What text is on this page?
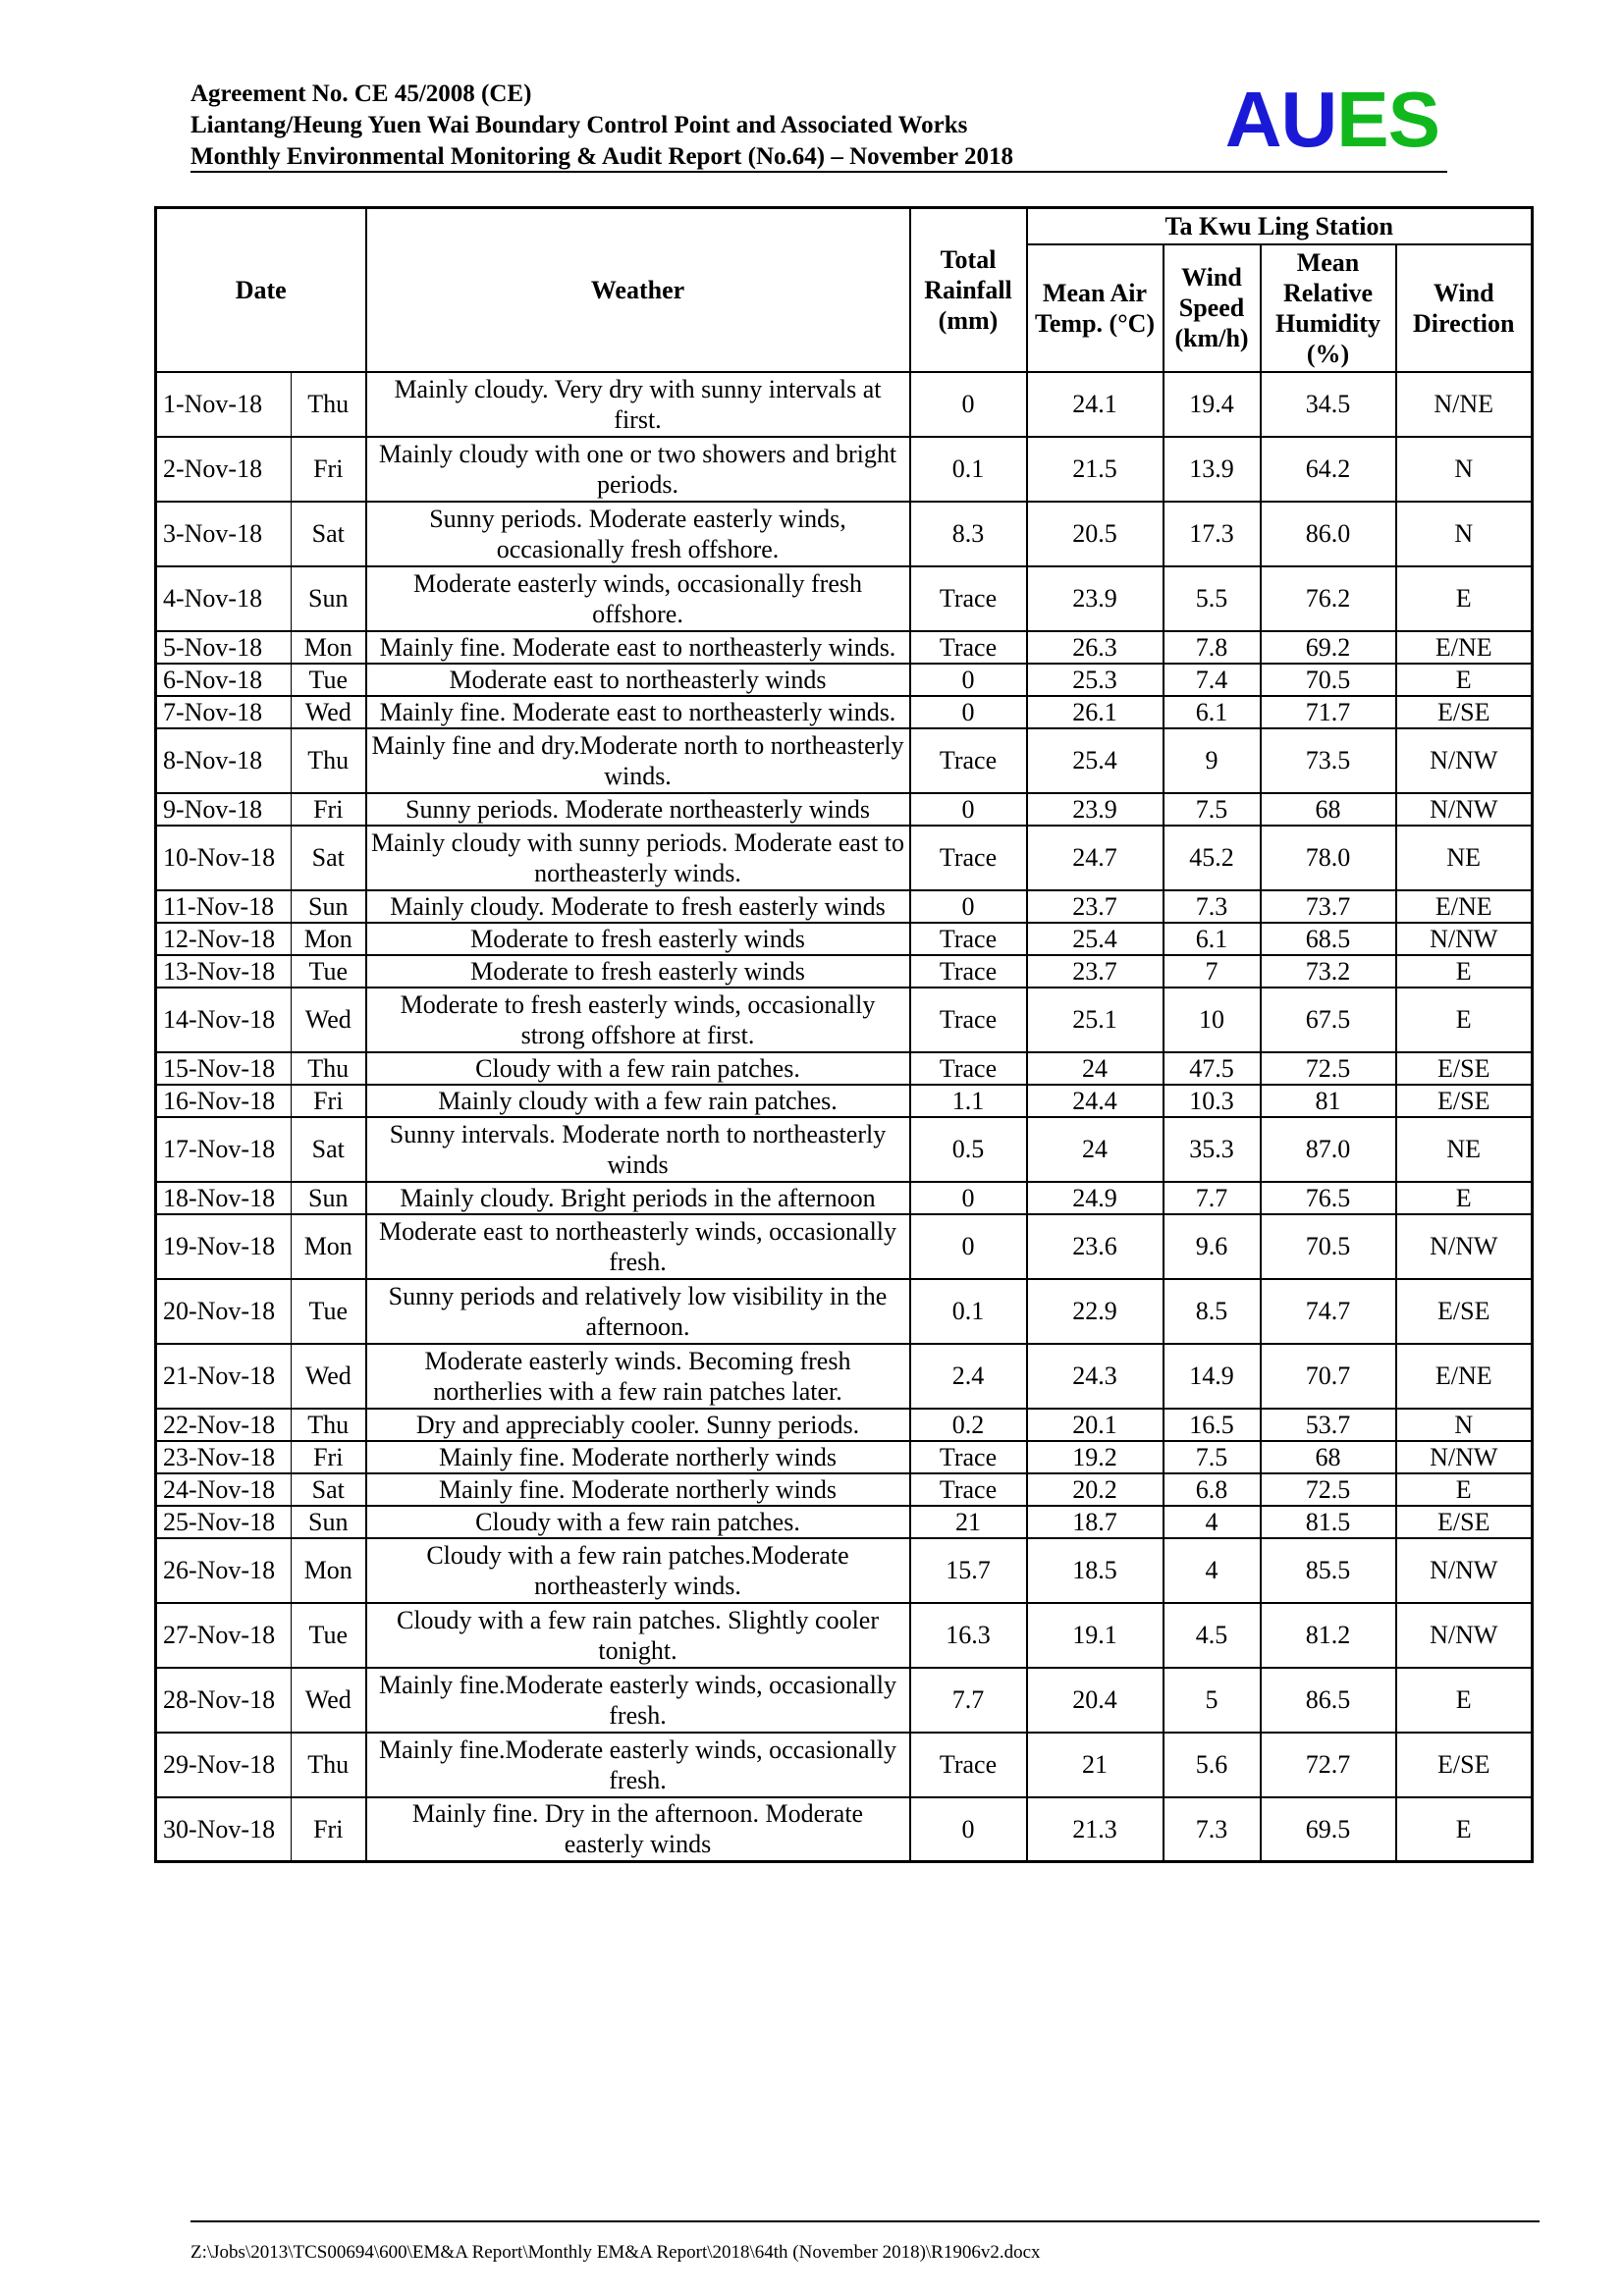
Agreement No. CE 45/2008 (CE)
Liantang/Heung Yuen Wai Boundary Control Point and Associated Works
Monthly Environmental Monitoring & Audit Report (No.64) – November 2018	AUES
Date		Weather	Total Rainfall (mm)	Ta Kwu Ling Station			
				Mean Air Temp. (°C)	Wind Speed (km/h)	Mean Relative Humidity (%)	Wind Direction
1-Nov-18	Thu	Mainly cloudy. Very dry with sunny intervals at first.	0	24.1	19.4	34.5	N/NE
2-Nov-18	Fri	Mainly cloudy with one or two showers and bright periods.	0.1	21.5	13.9	64.2	N
3-Nov-18	Sat	Sunny periods. Moderate easterly winds, occasionally fresh offshore.	8.3	20.5	17.3	86.0	N
4-Nov-18	Sun	Moderate easterly winds, occasionally fresh offshore.	Trace	23.9	5.5	76.2	E
5-Nov-18	Mon	Mainly fine. Moderate east to northeasterly winds.	Trace	26.3	7.8	69.2	E/NE
6-Nov-18	Tue	Moderate east to northeasterly winds	0	25.3	7.4	70.5	E
7-Nov-18	Wed	Mainly fine. Moderate east to northeasterly winds.	0	26.1	6.1	71.7	E/SE
8-Nov-18	Thu	Mainly fine and dry.Moderate north to northeasterly winds.	Trace	25.4	9	73.5	N/NW
9-Nov-18	Fri	Sunny periods. Moderate northeasterly winds	0	23.9	7.5	68	N/NW
10-Nov-18	Sat	Mainly cloudy with sunny periods. Moderate east to northeasterly winds.	Trace	24.7	45.2	78.0	NE
11-Nov-18	Sun	Mainly cloudy. Moderate to fresh easterly winds	0	23.7	7.3	73.7	E/NE
12-Nov-18	Mon	Moderate to fresh easterly winds	Trace	25.4	6.1	68.5	N/NW
13-Nov-18	Tue	Moderate to fresh easterly winds	Trace	23.7	7	73.2	E
14-Nov-18	Wed	Moderate to fresh easterly winds, occasionally strong offshore at first.	Trace	25.1	10	67.5	E
15-Nov-18	Thu	Cloudy with a few rain patches.	Trace	24	47.5	72.5	E/SE
16-Nov-18	Fri	Mainly cloudy with a few rain patches.	1.1	24.4	10.3	81	E/SE
17-Nov-18	Sat	Sunny intervals. Moderate north to northeasterly winds	0.5	24	35.3	87.0	NE
18-Nov-18	Sun	Mainly cloudy. Bright periods in the afternoon	0	24.9	7.7	76.5	E
19-Nov-18	Mon	Moderate east to northeasterly winds, occasionally fresh.	0	23.6	9.6	70.5	N/NW
20-Nov-18	Tue	Sunny periods and relatively low visibility in the afternoon.	0.1	22.9	8.5	74.7	E/SE
21-Nov-18	Wed	Moderate easterly winds. Becoming fresh northerlies with a few rain patches later.	2.4	24.3	14.9	70.7	E/NE
22-Nov-18	Thu	Dry and appreciably cooler. Sunny periods.	0.2	20.1	16.5	53.7	N
23-Nov-18	Fri	Mainly fine. Moderate northerly winds	Trace	19.2	7.5	68	N/NW
24-Nov-18	Sat	Mainly fine. Moderate northerly winds	Trace	20.2	6.8	72.5	E
25-Nov-18	Sun	Cloudy with a few rain patches.	21	18.7	4	81.5	E/SE
26-Nov-18	Mon	Cloudy with a few rain patches.Moderate northeasterly winds.	15.7	18.5	4	85.5	N/NW
27-Nov-18	Tue	Cloudy with a few rain patches. Slightly cooler tonight.	16.3	19.1	4.5	81.2	N/NW
28-Nov-18	Wed	Mainly fine.Moderate easterly winds, occasionally fresh.	7.7	20.4	5	86.5	E
29-Nov-18	Thu	Mainly fine.Moderate easterly winds, occasionally fresh.	Trace	21	5.6	72.7	E/SE
30-Nov-18	Fri	Mainly fine. Dry in the afternoon. Moderate easterly winds	0	21.3	7.3	69.5	E
Z:\Jobs\2013\TCS00694\600\EM&A Report\Monthly EM&A Report\2018\64th (November 2018)\R1906v2.docx
